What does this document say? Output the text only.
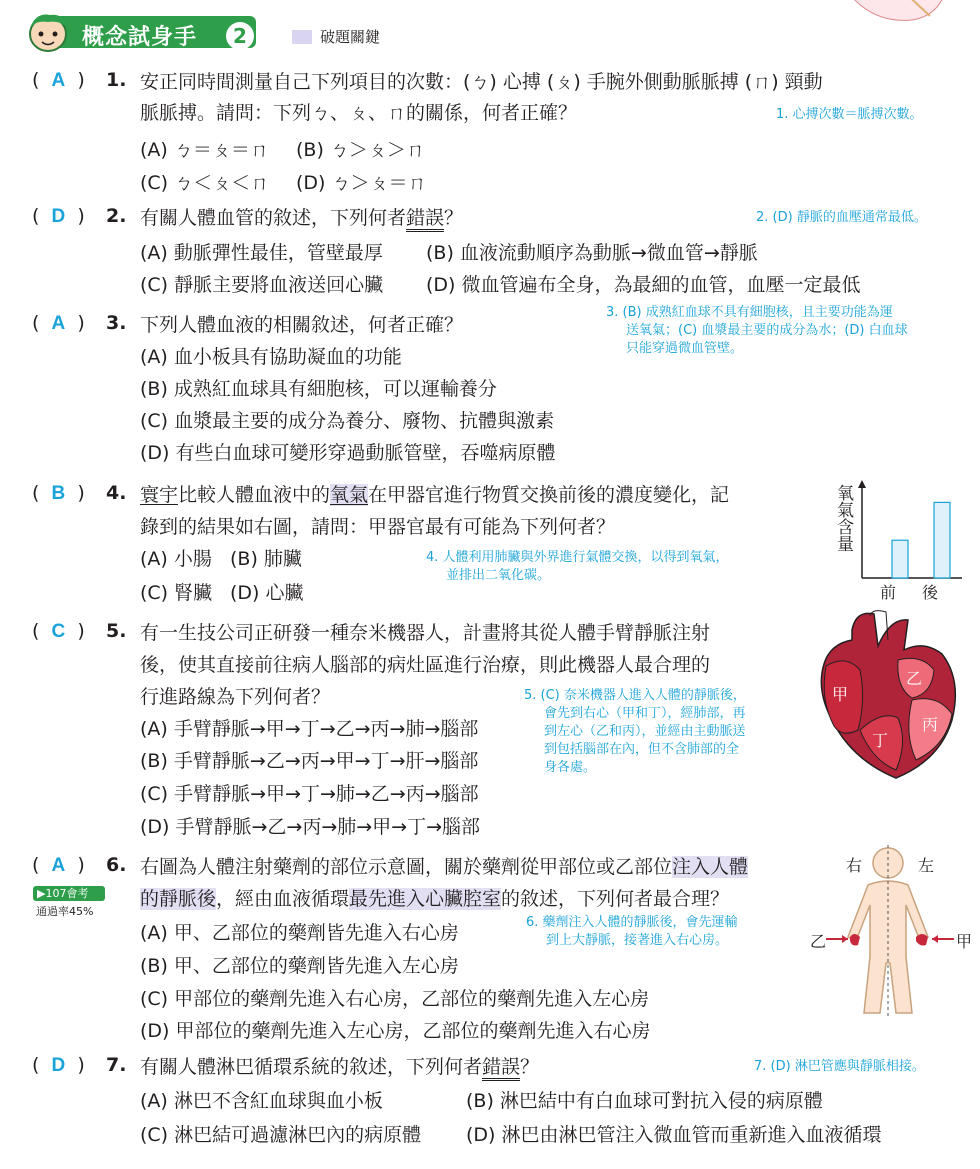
概念試身手	2	破題關鍵
(  A  ) 1. 安正同時間測量自己下列項目的次數：(ㄅ) 心搏 (ㄆ) 手腕外側動脈脈搏 (ㄇ) 頸動
脈脈搏。請問：下列ㄅ、ㄆ、ㄇ的關係，何者正確？	1. 心搏次數＝脈搏次數。
(A) ㄅ＝ㄆ＝ㄇ (B) ㄅ＞ㄆ＞ㄇ
(C) ㄅ＜ㄆ＜ㄇ (D) ㄅ＞ㄆ＝ㄇ
(  D  ) 2. 有關人體血管的敘述，下列何者錯誤？	2. (D) 靜脈的血壓通常最低。
(A) 動脈彈性最佳，管壁最厚 (B) 血液流動順序為動脈→微血管→靜脈
(C) 靜脈主要將血液送回心臟 (D) 微血管遍布全身，為最細的血管，血壓一定最低
(  A  ) 3. 下列人體血液的相關敘述，何者正確？
3. (B) 成熟紅血球不具有細胞核，且主要功能為運
送氧氣；(C) 血漿最主要的成分為水；(D) 白血球
只能穿過微血管壁。
(A) 血小板具有協助凝血的功能
(B) 成熟紅血球具有細胞核，可以運輸養分
(C) 血漿最主要的成分為養分、廢物、抗體與激素
(D) 有些白血球可變形穿過動脈管壁，吞噬病原體
(  B  ) 4. 寰宇比較人體血液中的氧氣在甲器官進行物質交換前後的濃度變化，記
錄到的結果如右圖，請問：甲器官最有可能為下列何者？
(A) 小腸 (B) 肺臟
(C) 腎臟 (D) 心臟
4. 人體利用肺臟與外界進行氣體交換，以得到氧氣，
並排出二氧化碳。
氧氣含量
前 後
(  C  ) 5. 有一生技公司正研發一種奈米機器人，計畫將其從人體手臂靜脈注射
後，使其直接前往病人腦部的病灶區進行治療，則此機器人最合理的
行進路線為下列何者？
(A) 手臂靜脈→甲→丁→乙→丙→肺→腦部
(B) 手臂靜脈→乙→丙→甲→丁→肝→腦部
(C) 手臂靜脈→甲→丁→肺→乙→丙→腦部
(D) 手臂靜脈→乙→丙→肺→甲→丁→腦部
5. (C) 奈米機器人進入人體的靜脈後，
會先到右心（甲和丁），經肺部，再
到左心（乙和丙），並經由主動脈送
到包括腦部在內，但不含肺部的全
身各處。
甲
乙
丙
丁
(  A  ) 6. 右圖為人體注射藥劑的部位示意圖，關於藥劑從甲部位或乙部位注入人體
的靜脈後，經由血液循環最先進入心臟腔室的敘述，下列何者最合理？
▶107會考
通過率45%
(A) 甲、乙部位的藥劑皆先進入右心房
(B) 甲、乙部位的藥劑皆先進入左心房
(C) 甲部位的藥劑先進入右心房，乙部位的藥劑先進入左心房
(D) 甲部位的藥劑先進入左心房，乙部位的藥劑先進入右心房
6. 藥劑注入人體的靜脈後，會先運輸
到上大靜脈，接著進入右心房。
右	左
乙	甲
(  D  ) 7. 有關人體淋巴循環系統的敘述，下列何者錯誤？	7. (D) 淋巴管應與靜脈相接。
(A) 淋巴不含紅血球與血小板	(B) 淋巴結中有白血球可對抗入侵的病原體
(C) 淋巴結可過濾淋巴內的病原體 (D) 淋巴由淋巴管注入微血管而重新進入血液循環
